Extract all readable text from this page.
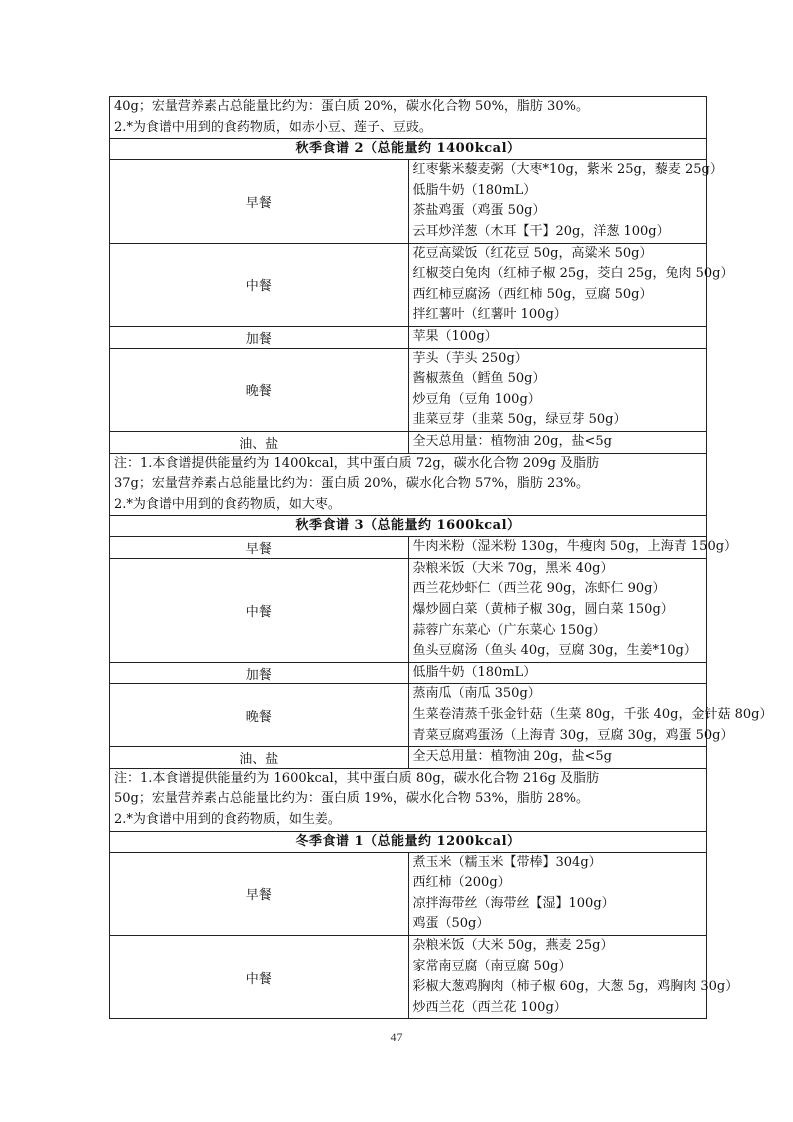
40g；宏量营养素占总能量比约为：蛋白质 20%，碳水化合物 50%，脂肪 30%。
2.*为食谱中用到的食药物质，如赤小豆、莲子、豆豉。	

秋季食谱 2（总能量约 1400kcal）	
早餐	红枣紫米藜麦粥（大枣*10g，紫米 25g，藜麦 25g）
低脂牛奶（180mL）
茶盐鸡蛋（鸡蛋 50g）
云耳炒洋葱（木耳【干】20g，洋葱 100g）

中餐	花豆高粱饭（红花豆 50g，高粱米 50g）
红椒茭白兔肉（红柿子椒 25g，茭白 25g，兔肉 50g）
西红柿豆腐汤（西红柿 50g，豆腐 50g）
拌红薯叶（红薯叶 100g）

加餐	苹果（100g）

晚餐	芋头（芋头 250g）
酱椒蒸鱼（鳕鱼 50g）
炒豆角（豆角 100g）
韭菜豆芽（韭菜 50g，绿豆芽 50g）

油、盐	全天总用量：植物油 20g，盐<5g

注：1.本食谱提供能量约为 1400kcal，其中蛋白质 72g，碳水化合物 209g 及脂肪
37g；宏量营养素占总能量比约为：蛋白质 20%，碳水化合物 57%，脂肪 23%。
2.*为食谱中用到的食药物质，如大枣。	

秋季食谱 3（总能量约 1600kcal）	
早餐	牛肉米粉（湿米粉 130g，牛瘦肉 50g，上海青 150g）

中餐	杂粮米饭（大米 70g，黑米 40g）
西兰花炒虾仁（西兰花 90g，冻虾仁 90g）
爆炒圆白菜（黄柿子椒 30g，圆白菜 150g）
蒜蓉广东菜心（广东菜心 150g）
鱼头豆腐汤（鱼头 40g，豆腐 30g，生姜*10g）

加餐	低脂牛奶（180mL）

晚餐	蒸南瓜（南瓜 350g）
生菜卷清蒸千张金针菇（生菜 80g，千张 40g，金针菇 80g）
青菜豆腐鸡蛋汤（上海青 30g，豆腐 30g，鸡蛋 50g）

油、盐	全天总用量：植物油 20g，盐<5g

注：1.本食谱提供能量约为 1600kcal，其中蛋白质 80g，碳水化合物 216g 及脂肪
50g；宏量营养素占总能量比约为：蛋白质 19%，碳水化合物 53%，脂肪 28%。
2.*为食谱中用到的食药物质，如生姜。	

冬季食谱 1（总能量约 1200kcal）	
早餐	煮玉米（糯玉米【带棒】304g）
西红柿（200g）
凉拌海带丝（海带丝【湿】100g）
鸡蛋（50g）

中餐	杂粮米饭（大米 50g，燕麦 25g）
家常南豆腐（南豆腐 50g）
彩椒大葱鸡胸肉（柿子椒 60g，大葱 5g，鸡胸肉 30g）
炒西兰花（西兰花 100g）
47
